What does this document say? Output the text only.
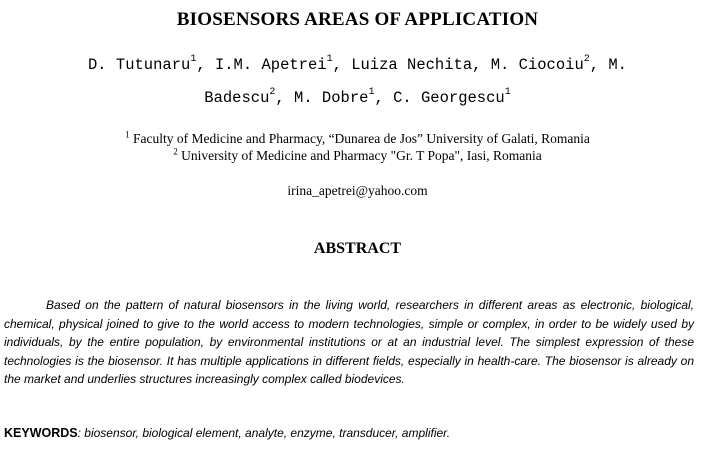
BIOSENSORS AREAS OF APPLICATION
D. Tutunaru$^1$, I.M. Apetrei$^1$, Luiza Nechita, M. Ciocoiu$^2$, M.
Badescu$^2$, M. Dobre$^1$, C. Georgescu$^1$
$^1$ Faculty of Medicine and Pharmacy, “Dunarea de Jos” University of Galati, Romania
$^2$ University of Medicine and Pharmacy "Gr. T Popa", Iasi, Romania
irina_apetrei@yahoo.com
ABSTRACT

Based on the pattern of natural biosensors in the living world, researchers in different areas as electronic, biological, chemical, physical joined to give to the world access to modern technologies, simple or complex, in order to be widely used by individuals, by the entire population, by environmental institutions or at an industrial level. The simplest expression of these technologies is the biosensor. It has multiple applications in different fields, especially in health-care. The biosensor is already on the market and underlies structures increasingly complex called biodevices.

KEYWORDS: biosensor, biological element, analyte, enzyme, transducer, amplifier.
